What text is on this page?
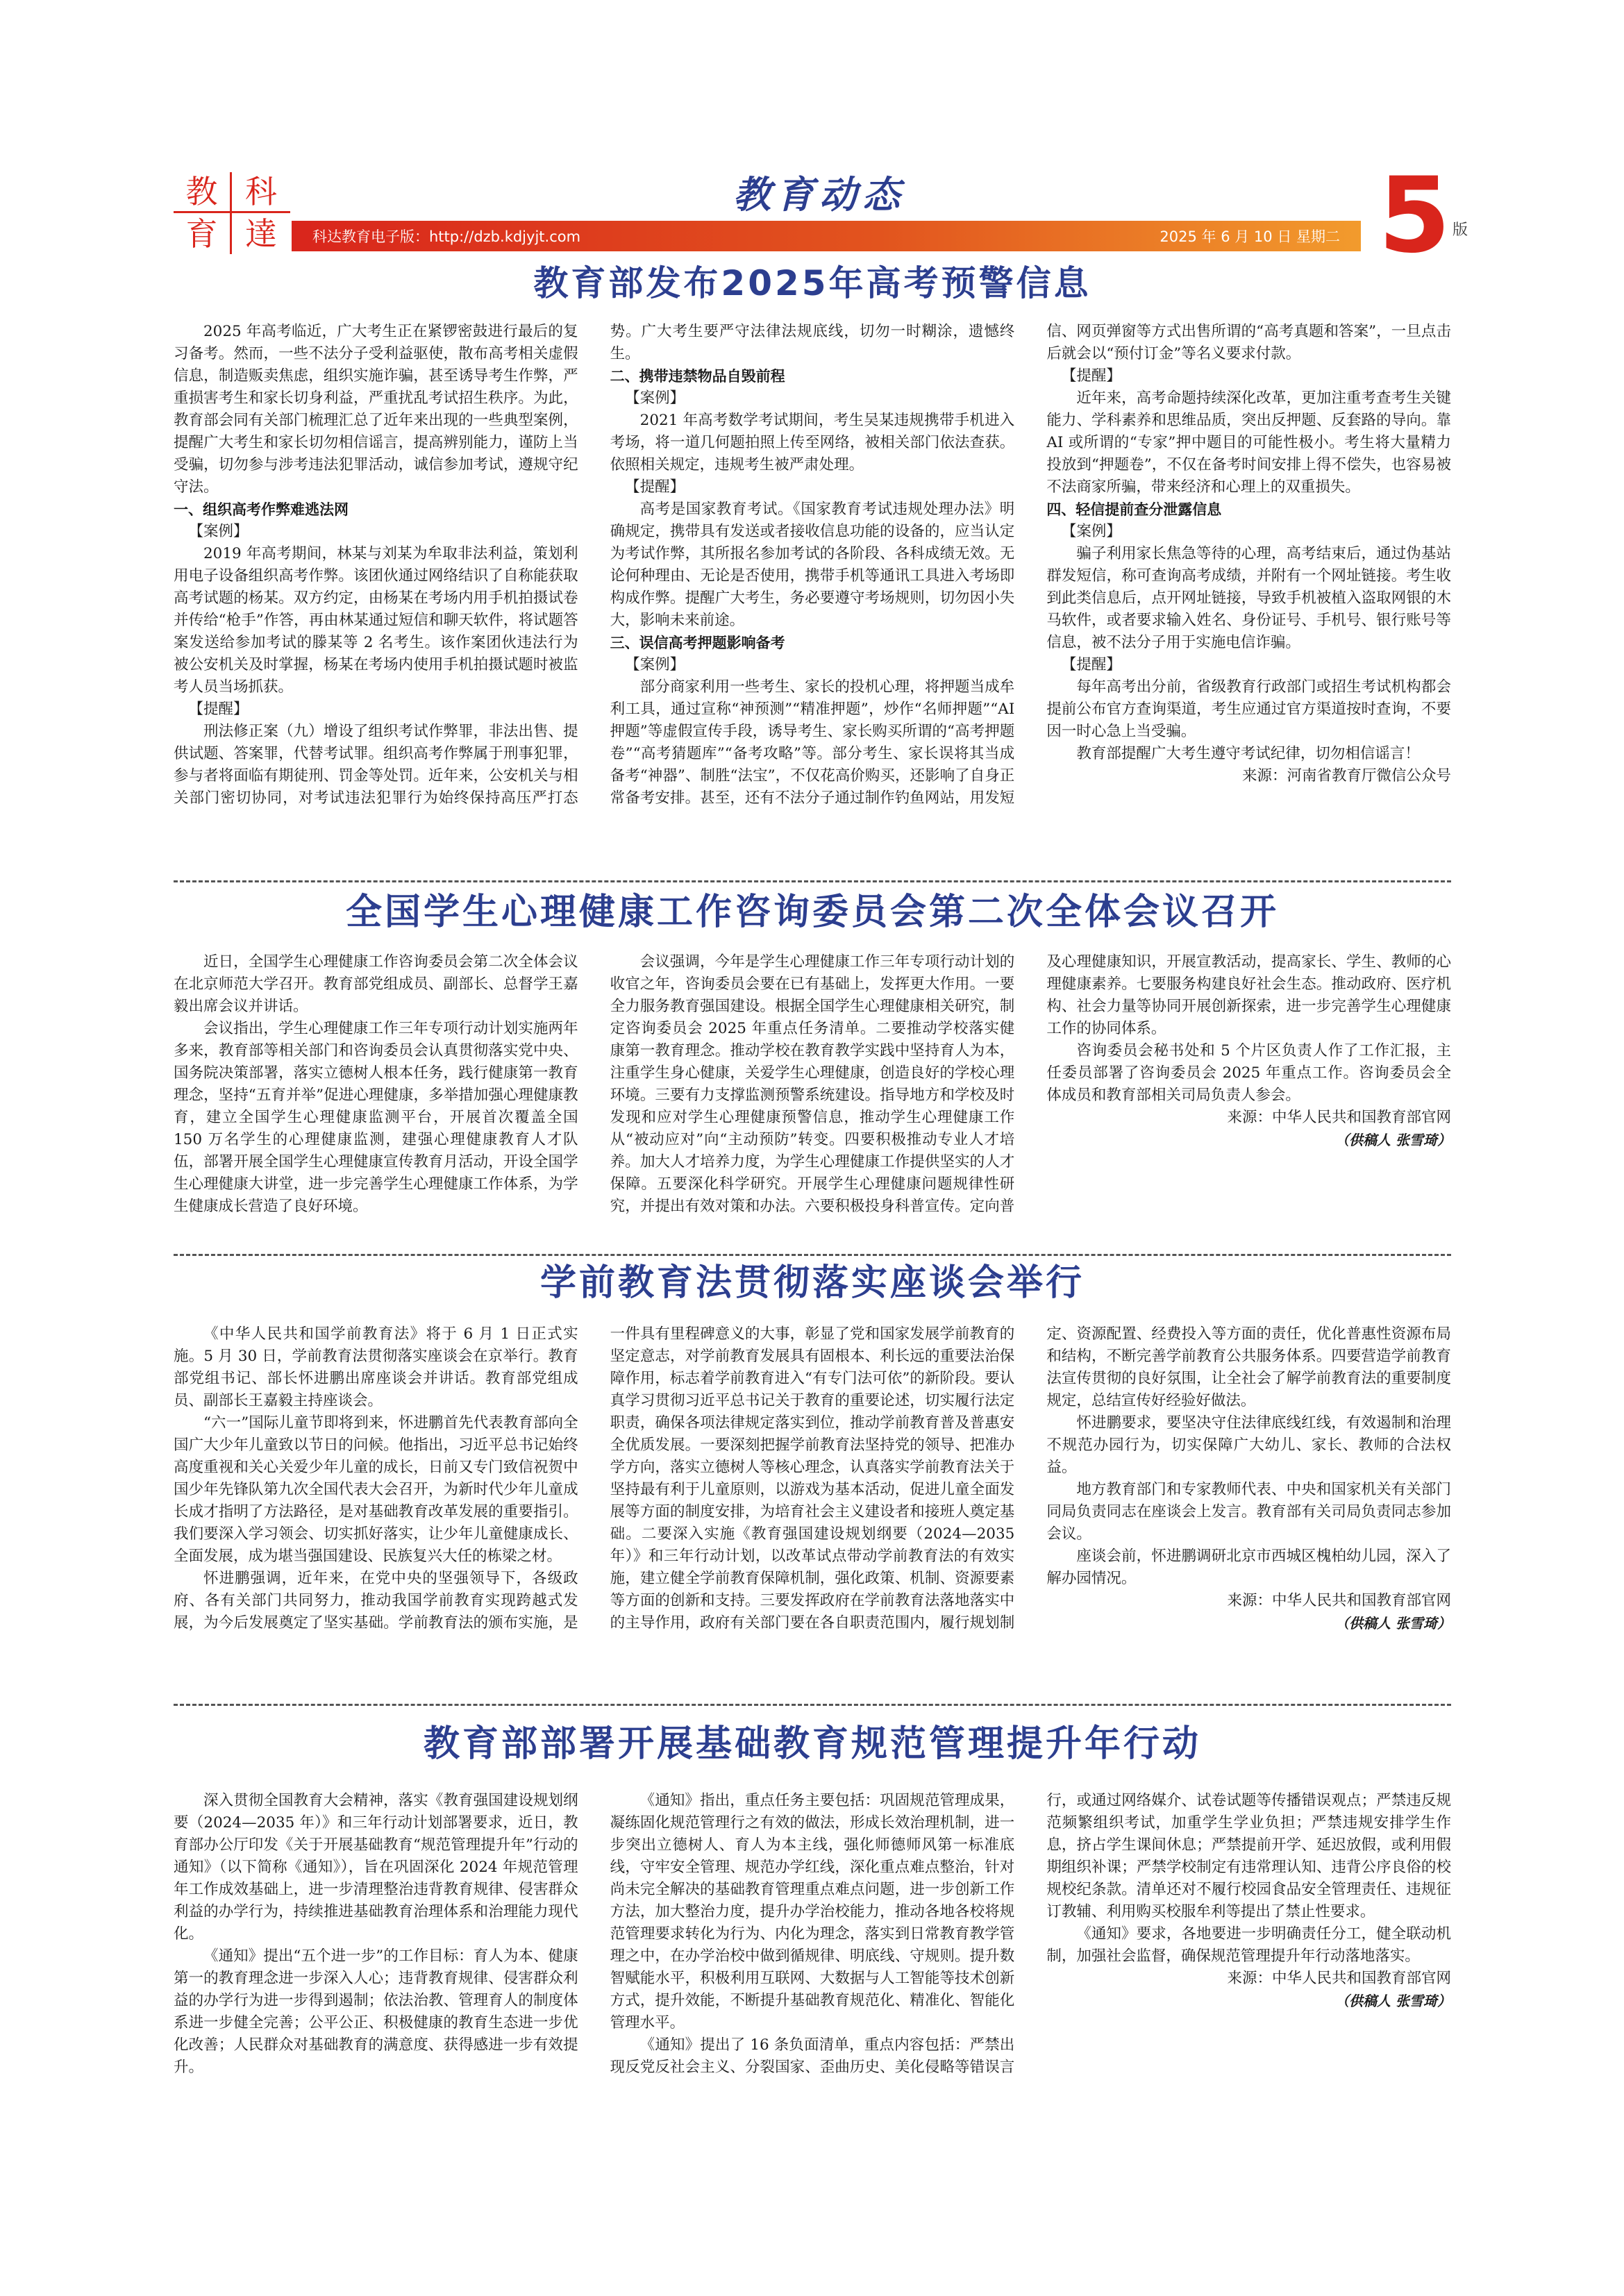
教 科
育 達
教育动态
科达教育电子版：http://dzb.kdjyjt.com	2025 年 6 月 10 日 星期二 5 版
教育部发布2025年高考预警信息

2025 年高考临近，广大考生正在紧锣密鼓进行最后的复习备考。然而，一些不法分子受利益驱使，散布高考相关虚假信息，制造贩卖焦虑，组织实施诈骗，甚至诱导考生作弊，严重损害考生和家长切身利益，严重扰乱考试招生秩序。为此，教育部会同有关部门梳理汇总了近年来出现的一些典型案例，提醒广大考生和家长切勿相信谣言，提高辨别能力，谨防上当受骗，切勿参与涉考违法犯罪活动，诚信参加考试，遵规守纪守法。

一、组织高考作弊难逃法网

【案例】

2019 年高考期间，林某与刘某为牟取非法利益，策划利用电子设备组织高考作弊。该团伙通过网络结识了自称能获取高考试题的杨某。双方约定，由杨某在考场内用手机拍摄试卷并传给“枪手”作答，再由林某通过短信和聊天软件，将试题答案发送给参加考试的滕某等 2 名考生。该作案团伙违法行为被公安机关及时掌握，杨某在考场内使用手机拍摄试题时被监考人员当场抓获。

【提醒】

刑法修正案（九）增设了组织考试作弊罪，非法出售、提供试题、答案罪，代替考试罪。组织高考作弊属于刑事犯罪，参与者将面临有期徒刑、罚金等处罚。近年来，公安机关与相关部门密切协同，对考试违法犯罪行为始终保持高压严打态势。广大考生要严守法律法规底线，切勿一时糊涂，遗憾终生。

二、携带违禁物品自毁前程

【案例】

2021 年高考数学考试期间，考生吴某违规携带手机进入考场，将一道几何题拍照上传至网络，被相关部门依法查获。依照相关规定，违规考生被严肃处理。

【提醒】

高考是国家教育考试。《国家教育考试违规处理办法》明确规定，携带具有发送或者接收信息功能的设备的，应当认定为考试作弊，其所报名参加考试的各阶段、各科成绩无效。无论何种理由、无论是否使用，携带手机等通讯工具进入考场即构成作弊。提醒广大考生，务必要遵守考场规则，切勿因小失大，影响未来前途。

三、误信高考押题影响备考

【案例】

部分商家利用一些考生、家长的投机心理，将押题当成牟利工具，通过宣称“神预测”“精准押题”，炒作“名师押题”“AI 押题”等虚假宣传手段，诱导考生、家长购买所谓的“高考押题卷”“高考猜题库”“备考攻略”等。部分考生、家长误将其当成备考“神器”、制胜“法宝”，不仅花高价购买，还影响了自身正常备考安排。甚至，还有不法分子通过制作钓鱼网站，用发短信、网页弹窗等方式出售所谓的“高考真题和答案”，一旦点击后就会以“预付订金”等名义要求付款。

【提醒】

近年来，高考命题持续深化改革，更加注重考查考生关键能力、学科素养和思维品质，突出反押题、反套路的导向。靠 AI 或所谓的“专家”押中题目的可能性极小。考生将大量精力投放到“押题卷”，不仅在备考时间安排上得不偿失，也容易被不法商家所骗，带来经济和心理上的双重损失。

四、轻信提前查分泄露信息

【案例】

骗子利用家长焦急等待的心理，高考结束后，通过伪基站群发短信，称可查询高考成绩，并附有一个网址链接。考生收到此类信息后，点开网址链接，导致手机被植入盗取网银的木马软件，或者要求输入姓名、身份证号、手机号、银行账号等信息，被不法分子用于实施电信诈骗。

【提醒】

每年高考出分前，省级教育行政部门或招生考试机构都会提前公布官方查询渠道，考生应通过官方渠道按时查询，不要因一时心急上当受骗。

教育部提醒广大考生遵守考试纪律，切勿相信谣言！

来源：河南省教育厅微信公众号

全国学生心理健康工作咨询委员会第二次全体会议召开

近日，全国学生心理健康工作咨询委员会第二次全体会议在北京师范大学召开。教育部党组成员、副部长、总督学王嘉毅出席会议并讲话。

会议指出，学生心理健康工作三年专项行动计划实施两年多来，教育部等相关部门和咨询委员会认真贯彻落实党中央、国务院决策部署，落实立德树人根本任务，践行健康第一教育理念，坚持“五育并举”促进心理健康，多举措加强心理健康教育，建立全国学生心理健康监测平台，开展首次覆盖全国 150 万名学生的心理健康监测，建强心理健康教育人才队伍，部署开展全国学生心理健康宣传教育月活动，开设全国学生心理健康大讲堂，进一步完善学生心理健康工作体系，为学生健康成长营造了良好环境。

会议强调，今年是学生心理健康工作三年专项行动计划的收官之年，咨询委员会要在已有基础上，发挥更大作用。一要全力服务教育强国建设。根据全国学生心理健康相关研究，制定咨询委员会 2025 年重点任务清单。二要推动学校落实健康第一教育理念。推动学校在教育教学实践中坚持育人为本，注重学生身心健康，关爱学生心理健康，创造良好的学校心理环境。三要有力支撑监测预警系统建设。指导地方和学校及时发现和应对学生心理健康预警信息，推动学生心理健康工作从“被动应对”向“主动预防”转变。四要积极推动专业人才培养。加大人才培养力度，为学生心理健康工作提供坚实的人才保障。五要深化科学研究。开展学生心理健康问题规律性研究，并提出有效对策和办法。六要积极投身科普宣传。定向普及心理健康知识，开展宣教活动，提高家长、学生、教师的心理健康素养。七要服务构建良好社会生态。推动政府、医疗机构、社会力量等协同开展创新探索，进一步完善学生心理健康工作的协同体系。

咨询委员会秘书处和 5 个片区负责人作了工作汇报，主任委员部署了咨询委员会 2025 年重点工作。咨询委员会全体成员和教育部相关司局负责人参会。

来源：中华人民共和国教育部官网

（供稿人 张雪琦）

学前教育法贯彻落实座谈会举行

《中华人民共和国学前教育法》将于 6 月 1 日正式实施。5 月 30 日，学前教育法贯彻落实座谈会在京举行。教育部党组书记、部长怀进鹏出席座谈会并讲话。教育部党组成员、副部长王嘉毅主持座谈会。

“六一”国际儿童节即将到来，怀进鹏首先代表教育部向全国广大少年儿童致以节日的问候。他指出，习近平总书记始终高度重视和关心关爱少年儿童的成长，日前又专门致信祝贺中国少年先锋队第九次全国代表大会召开，为新时代少年儿童成长成才指明了方法路径，是对基础教育改革发展的重要指引。我们要深入学习领会、切实抓好落实，让少年儿童健康成长、全面发展，成为堪当强国建设、民族复兴大任的栋梁之材。

怀进鹏强调，近年来，在党中央的坚强领导下，各级政府、各有关部门共同努力，推动我国学前教育实现跨越式发展，为今后发展奠定了坚实基础。学前教育法的颁布实施，是一件具有里程碑意义的大事，彰显了党和国家发展学前教育的坚定意志，对学前教育发展具有固根本、利长远的重要法治保障作用，标志着学前教育进入“有专门法可依”的新阶段。要认真学习贯彻习近平总书记关于教育的重要论述，切实履行法定职责，确保各项法律规定落实到位，推动学前教育普及普惠安全优质发展。一要深刻把握学前教育法坚持党的领导、把准办学方向，落实立德树人等核心理念，认真落实学前教育法关于坚持最有利于儿童原则，以游戏为基本活动，促进儿童全面发展等方面的制度安排，为培育社会主义建设者和接班人奠定基础。二要深入实施《教育强国建设规划纲要（2024—2035 年）》和三年行动计划，以改革试点带动学前教育法的有效实施，建立健全学前教育保障机制，强化政策、机制、资源要素等方面的创新和支持。三要发挥政府在学前教育法落地落实中的主导作用，政府有关部门要在各自职责范围内，履行规划制定、资源配置、经费投入等方面的责任，优化普惠性资源布局和结构，不断完善学前教育公共服务体系。四要营造学前教育法宣传贯彻的良好氛围，让全社会了解学前教育法的重要制度规定，总结宣传好经验好做法。

怀进鹏要求，要坚决守住法律底线红线，有效遏制和治理不规范办园行为，切实保障广大幼儿、家长、教师的合法权益。

地方教育部门和专家教师代表、中央和国家机关有关部门同局负责同志在座谈会上发言。教育部有关司局负责同志参加会议。

座谈会前，怀进鹏调研北京市西城区槐柏幼儿园，深入了解办园情况。

来源：中华人民共和国教育部官网

（供稿人 张雪琦）

教育部部署开展基础教育规范管理提升年行动

深入贯彻全国教育大会精神，落实《教育强国建设规划纲要（2024—2035 年）》和三年行动计划部署要求，近日，教育部办公厅印发《关于开展基础教育“规范管理提升年”行动的通知》（以下简称《通知》），旨在巩固深化 2024 年规范管理年工作成效基础上，进一步清理整治违背教育规律、侵害群众利益的办学行为，持续推进基础教育治理体系和治理能力现代化。

《通知》提出“五个进一步”的工作目标：育人为本、健康第一的教育理念进一步深入人心；违背教育规律、侵害群众利益的办学行为进一步得到遏制；依法治教、管理育人的制度体系进一步健全完善；公平公正、积极健康的教育生态进一步优化改善；人民群众对基础教育的满意度、获得感进一步有效提升。

《通知》指出，重点任务主要包括：巩固规范管理成果，凝练固化规范管理行之有效的做法，形成长效治理机制，进一步突出立德树人、育人为本主线，强化师德师风第一标准底线，守牢安全管理、规范办学红线，深化重点难点整治，针对尚未完全解决的基础教育管理重点难点问题，进一步创新工作方法，加大整治力度，提升办学治校能力，推动各地各校将规范管理要求转化为行为、内化为理念，落实到日常教育教学管理之中，在办学治校中做到循规律、明底线、守规则。提升数智赋能水平，积极利用互联网、大数据与人工智能等技术创新方式，提升效能，不断提升基础教育规范化、精准化、智能化管理水平。

《通知》提出了 16 条负面清单，重点内容包括：严禁出现反党反社会主义、分裂国家、歪曲历史、美化侵略等错误言行，或通过网络媒介、试卷试题等传播错误观点；严禁违反规范频繁组织考试，加重学生学业负担；严禁违规安排学生作息，挤占学生课间休息；严禁提前开学、延迟放假，或利用假期组织补课；严禁学校制定有违常理认知、违背公序良俗的校规校纪条款。清单还对不履行校园食品安全管理责任、违规征订教辅、利用购买校服牟利等提出了禁止性要求。

《通知》要求，各地要进一步明确责任分工，健全联动机制，加强社会监督，确保规范管理提升年行动落地落实。

来源：中华人民共和国教育部官网

（供稿人 张雪琦）
